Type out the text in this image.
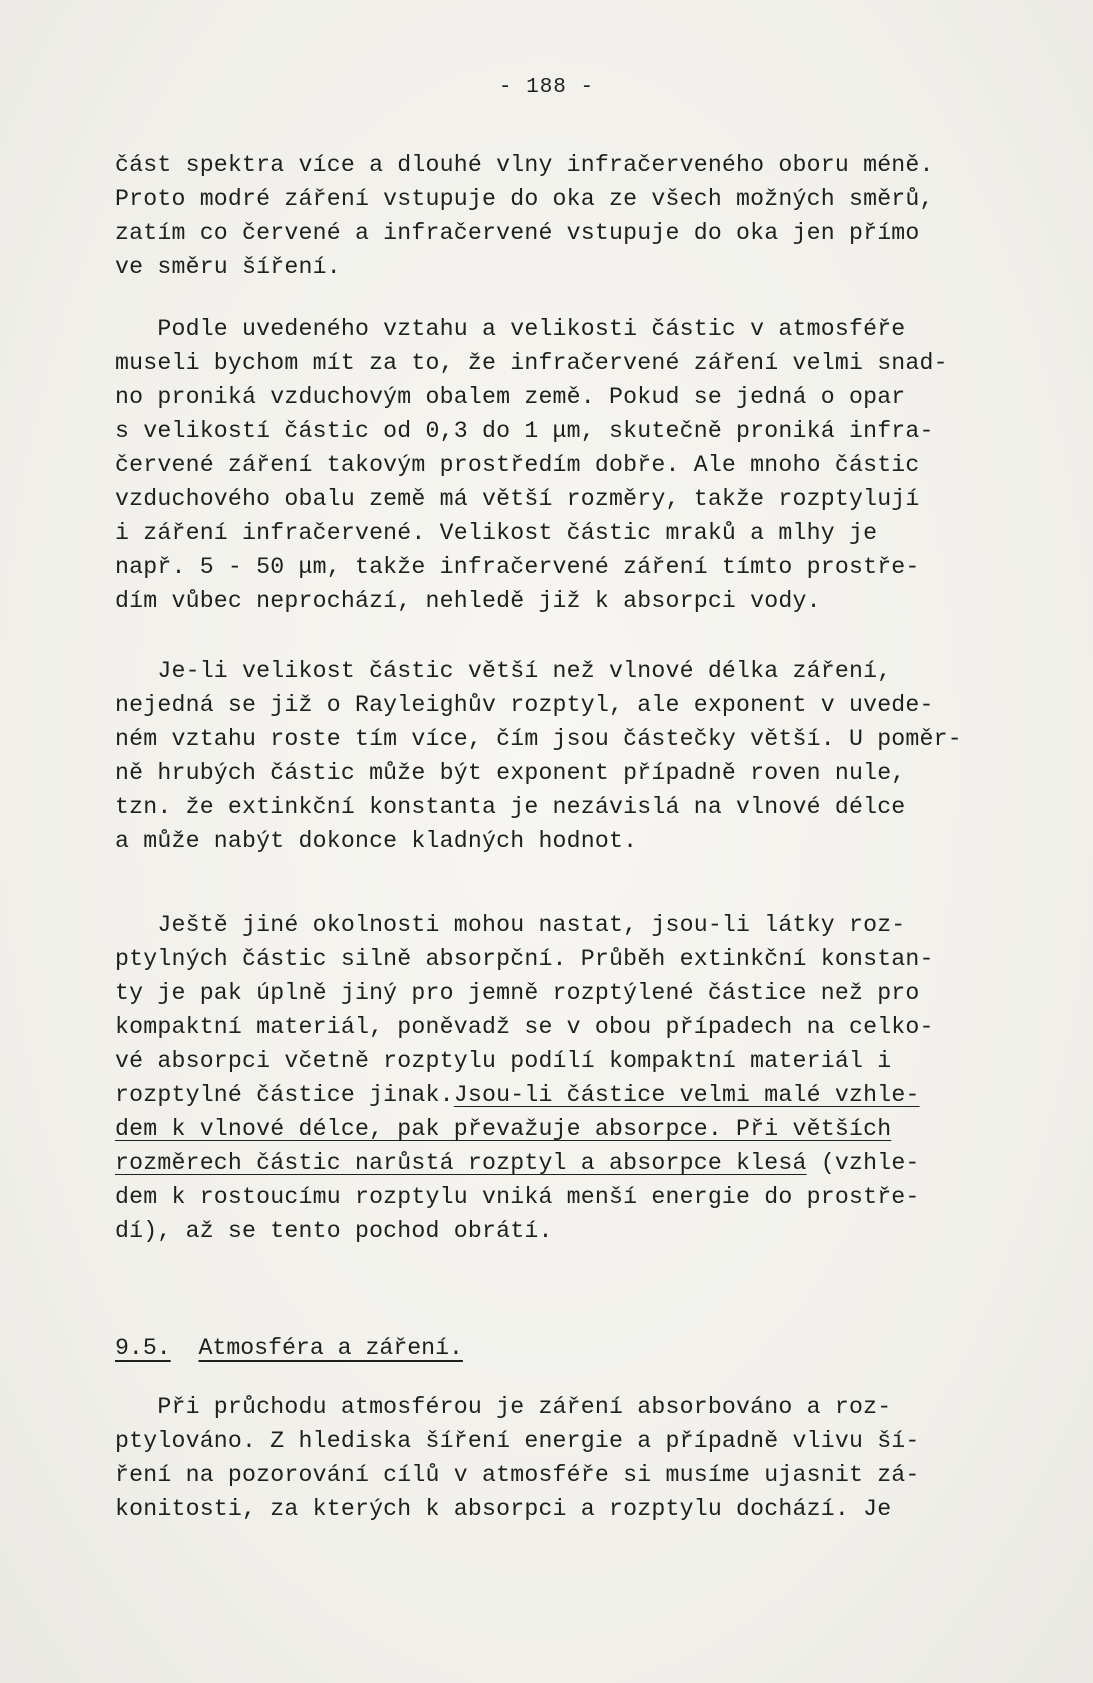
- 188 -
část spektra více a dlouhé vlny infračerveného oboru méně.
Proto modré záření vstupuje do oka ze všech možných směrů,
zatím co červené a infračervené vstupuje do oka jen přímo
ve směru šíření.
Podle uvedeného vztahu a velikosti částic v atmosféře
museli bychom mít za to, že infračervené záření velmi snad-
no proniká vzduchovým obalem země. Pokud se jedná o opar
s velikostí částic od 0,3 do 1 μm, skutečně proniká infra-
červené záření takovým prostředím dobře. Ale mnoho částic
vzduchového obalu země má větší rozměry, takže rozptylují
i záření infračervené. Velikost částic mraků a mlhy je
např. 5 - 50 μm, takže infračervené záření tímto prostře-
dím vůbec neprochází, nehledě již k absorpci vody.
Je-li velikost částic větší než vlnové délka záření,
nejedná se již o Rayleighův rozptyl, ale exponent v uvede-
ném vztahu roste tím více, čím jsou částečky větší. U poměr-
ně hrubých částic může být exponent případně roven nule,
tzn. že extinkční konstanta je nezávislá na vlnové délce
a může nabýt dokonce kladných hodnot.
Ještě jiné okolnosti mohou nastat, jsou-li látky roz-
ptylných částic silně absorpční. Průběh extinkční konstan-
ty je pak úplně jiný pro jemně rozptýlené částice než pro
kompaktní materiál, poněvadž se v obou případech na celko-
vé absorpci včetně rozptylu podílí kompaktní materiál i
rozptylné částice jinak.Jsou-li částice velmi malé vzhle-
dem k vlnové délce, pak převažuje absorpce. Při větších
rozměrech částic narůstá rozptyl a absorpce klesá (vzhle-
dem k rostoucímu rozptylu vniká menší energie do prostře-
dí), až se tento pochod obrátí.
9.5. Atmosféra a záření.
Při průchodu atmosférou je záření absorbováno a roz-
ptylováno. Z hlediska šíření energie a případně vlivu ší-
ření na pozorování cílů v atmosféře si musíme ujasnit zá-
konitosti, za kterých k absorpci a rozptylu dochází. Je
